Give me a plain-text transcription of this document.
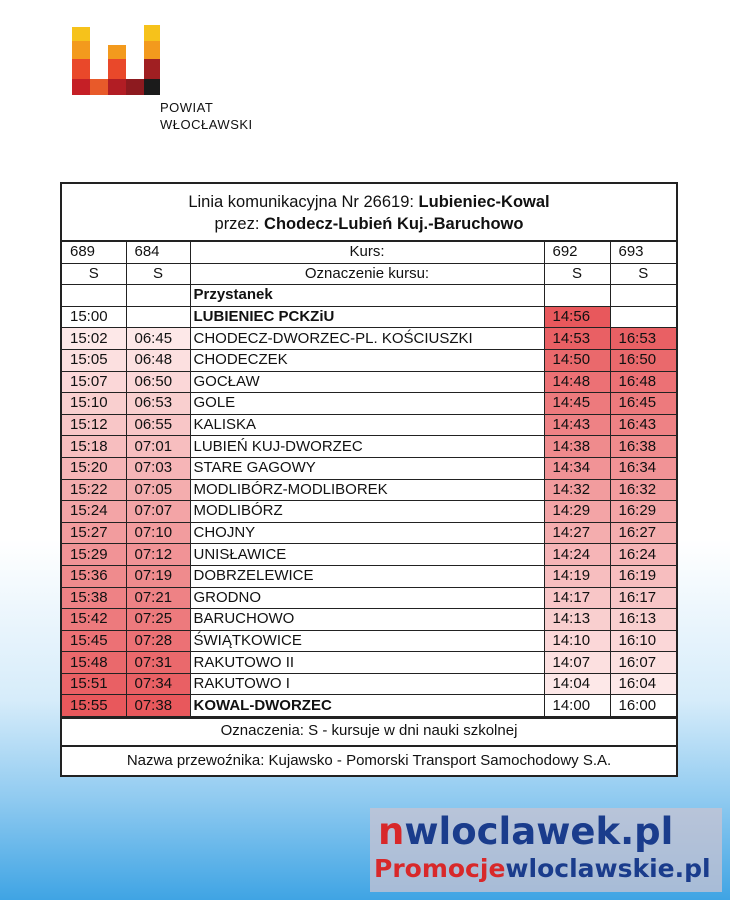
POWIAT
WŁOCŁAWSKI
Linia komunikacyjna Nr 26619: Lubieniec-Kowal
przez: Chodecz-Lubień Kuj.-Baruchowo
689	684	Kurs:	692	693
S	S	Oznaczenie kursu:	S	S
		Przystanek		
15:00		LUBIENIEC PCKZiU	14:56	
15:02	06:45	CHODECZ-DWORZEC-PL. KOŚCIUSZKI	14:53	16:53
15:05	06:48	CHODECZEK	14:50	16:50
15:07	06:50	GOCŁAW	14:48	16:48
15:10	06:53	GOLE	14:45	16:45
15:12	06:55	KALISKA	14:43	16:43
15:18	07:01	LUBIEŃ KUJ-DWORZEC	14:38	16:38
15:20	07:03	STARE GAGOWY	14:34	16:34
15:22	07:05	MODLIBÓRZ-MODLIBOREK	14:32	16:32
15:24	07:07	MODLIBÓRZ	14:29	16:29
15:27	07:10	CHOJNY	14:27	16:27
15:29	07:12	UNISŁAWICE	14:24	16:24
15:36	07:19	DOBRZELEWICE	14:19	16:19
15:38	07:21	GRODNO	14:17	16:17
15:42	07:25	BARUCHOWO	14:13	16:13
15:45	07:28	ŚWIĄTKOWICE	14:10	16:10
15:48	07:31	RAKUTOWO II	14:07	16:07
15:51	07:34	RAKUTOWO I	14:04	16:04
15:55	07:38	KOWAL-DWORZEC	14:00	16:00
Oznaczenia: S - kursuje w dni nauki szkolnej
Nazwa przewoźnika: Kujawsko - Pomorski Transport Samochodowy S.A.
nwloclawek.pl
Promocjewloclawskie.pl
